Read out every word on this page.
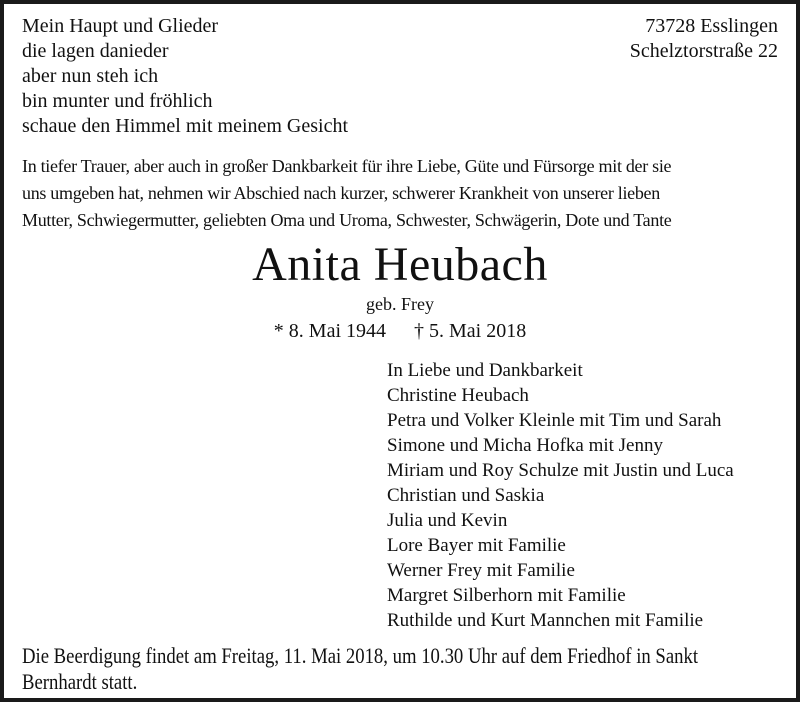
Mein Haupt und Glieder
die lagen danieder
aber nun steh ich
bin munter und fröhlich
schaue den Himmel mit meinem Gesicht
73728 Esslingen
Schelztorstraße 22
In tiefer Trauer, aber auch in großer Dankbarkeit für ihre Liebe, Güte und Fürsorge mit der sie
uns umgeben hat, nehmen wir Abschied nach kurzer, schwerer Krankheit von unserer lieben
Mutter, Schwiegermutter, geliebten Oma und Uroma, Schwester, Schwägerin, Dote und Tante
Anita Heubach
geb. Frey
* 8. Mai 1944 † 5. Mai 2018
In Liebe und Dankbarkeit
Christine Heubach
Petra und Volker Kleinle mit Tim und Sarah
Simone und Micha Hofka mit Jenny
Miriam und Roy Schulze mit Justin und Luca
Christian und Saskia
Julia und Kevin
Lore Bayer mit Familie
Werner Frey mit Familie
Margret Silberhorn mit Familie
Ruthilde und Kurt Mannchen mit Familie
Die Beerdigung findet am Freitag, 11. Mai 2018, um 10.30 Uhr auf dem Friedhof in Sankt
Bernhardt statt.
